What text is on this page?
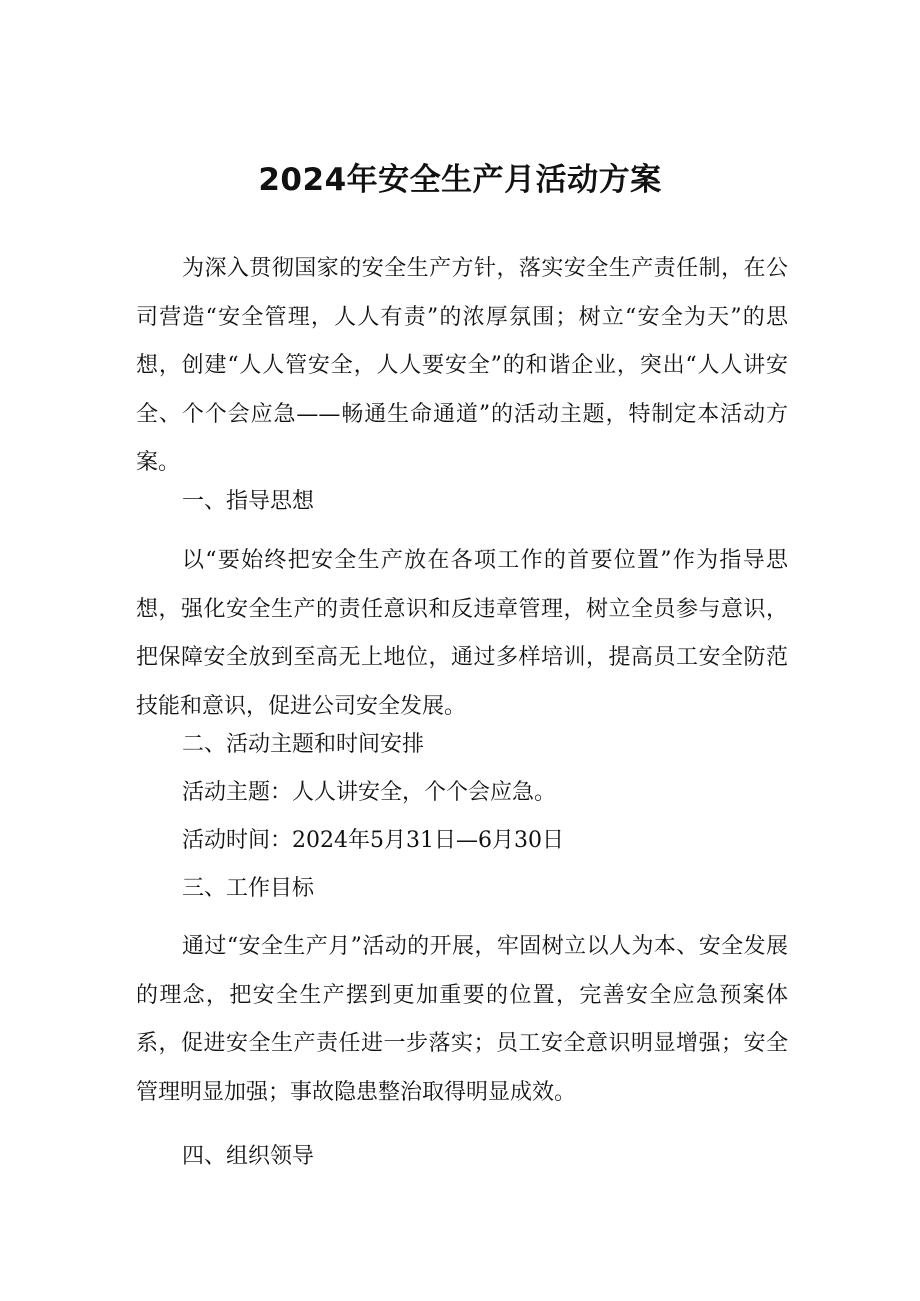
2024年安全生产月活动方案

为深入贯彻国家的安全生产方针，落实安全生产责任制，在公司营造“安全管理，人人有责”的浓厚氛围；树立“安全为天”的思想，创建“人人管安全，人人要安全”的和谐企业，突出“人人讲安全、个个会应急——畅通生命通道”的活动主题，特制定本活动方案。

一、指导思想

以“要始终把安全生产放在各项工作的首要位置”作为指导思想，强化安全生产的责任意识和反违章管理，树立全员参与意识，把保障安全放到至高无上地位，通过多样培训，提高员工安全防范技能和意识，促进公司安全发展。

二、活动主题和时间安排

活动主题：人人讲安全，个个会应急。

活动时间：2024年5月31日—6月30日

三、工作目标

通过“安全生产月”活动的开展，牢固树立以人为本、安全发展的理念，把安全生产摆到更加重要的位置，完善安全应急预案体系，促进安全生产责任进一步落实；员工安全意识明显增强；安全管理明显加强；事故隐患整治取得明显成效。

四、组织领导
